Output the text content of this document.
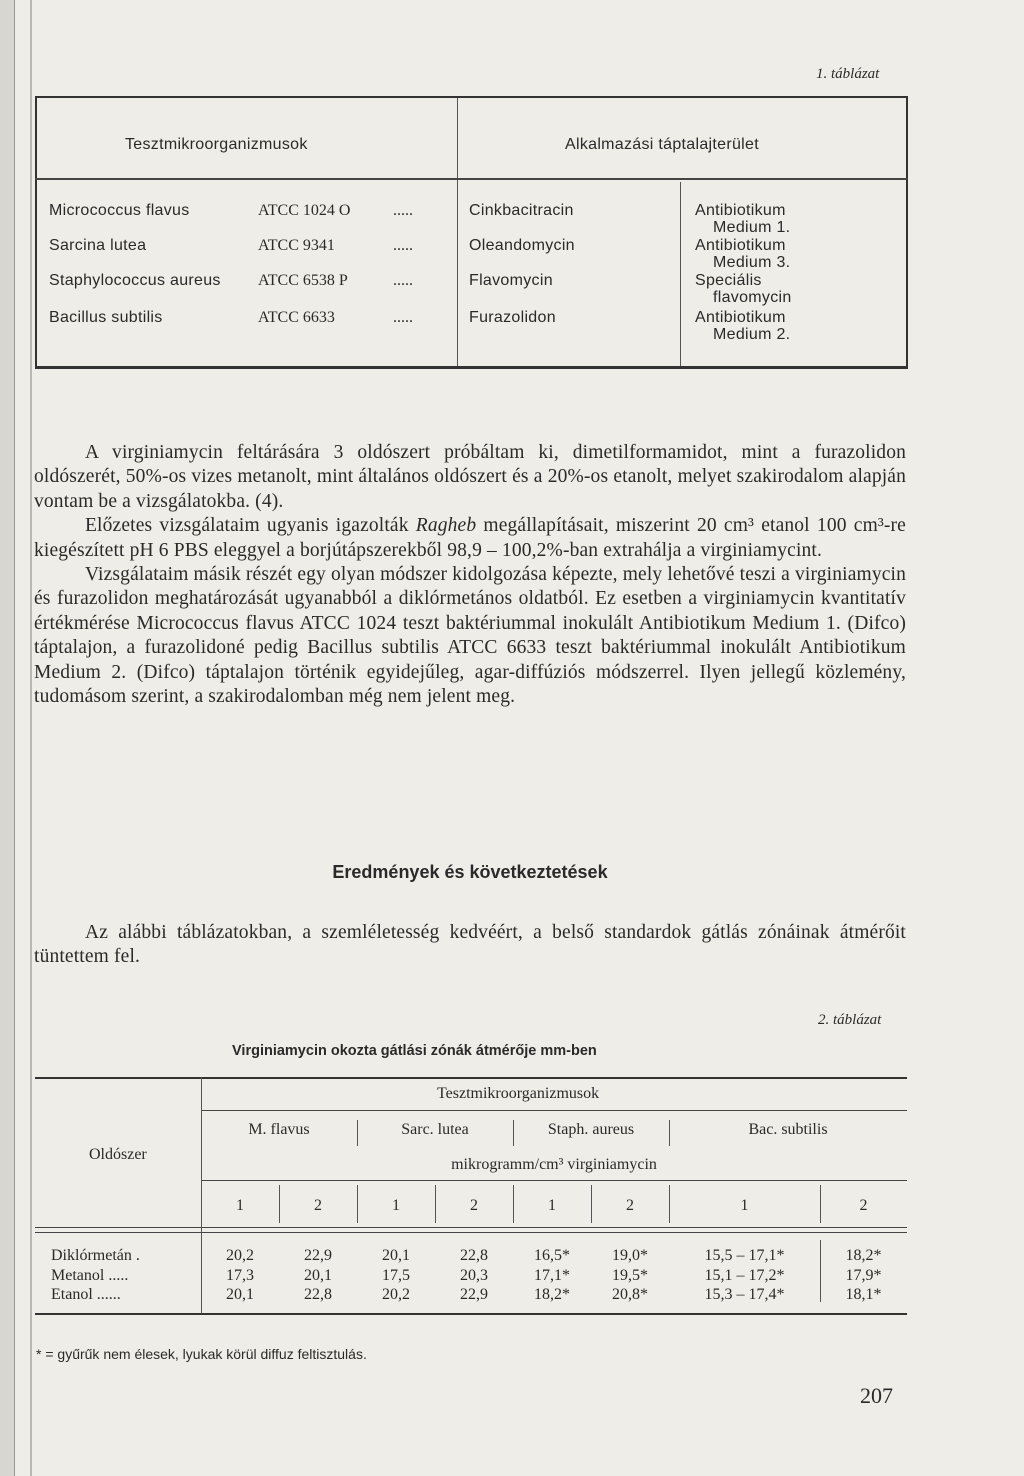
1. táblázat
Tesztmikroorganizmusok	Alkalmazási táptalajterület
Micrococcus flavus	ATCC 1024 O	.....	Cinkbacitracin	Antibiotikum
Medium 1.
Sarcina lutea	ATCC 9341	.....	Oleandomycin	Antibiotikum
Medium 3.
Staphylococcus aureus ATCC 6538 P	.....	Flavomycin	Speciális
flavomycin
Bacillus subtilis	ATCC 6633	.....	Furazolidon	Antibiotikum
Medium 2.

A virginiamycin feltárására 3 oldószert próbáltam ki, dimetilformamidot, mint a furazolidon oldószerét, 50%-os vizes metanolt, mint általános oldószert és a 20%-os etanolt, melyet szakirodalom alapján vontam be a vizsgálatokba. (4).

Előzetes vizsgálataim ugyanis igazolták Ragheb megállapításait, miszerint 20 cm³ etanol 100 cm³-re kiegészített pH 6 PBS eleggyel a borjútápszerekből 98,9 – 100,2%-ban extrahálja a virginiamycint.

Vizsgálataim másik részét egy olyan módszer kidolgozása képezte, mely lehetővé teszi a virginiamycin és furazolidon meghatározását ugyanabból a diklórmetános oldatból. Ez esetben a virginiamycin kvantitatív értékmérése Micrococcus flavus ATCC 1024 teszt baktériummal inokulált Antibiotikum Medium 1. (Difco) táptalajon, a furazolidoné pedig Bacillus subtilis ATCC 6633 teszt baktériummal inokulált Antibiotikum Medium 2. (Difco) táptalajon történik egyidejűleg, agar-diffúziós módszerrel. Ilyen jellegű közlemény, tudomásom szerint, a szakirodalomban még nem jelent meg.

Eredmények és következtetések

Az alábbi táblázatokban, a szemléletesség kedvéért, a belső standardok gátlás zónáinak átmérőit tüntettem fel.

2. táblázat
Virginiamycin okozta gátlási zónák átmérője mm-ben
Oldószer
Tesztmikroorganizmusok
M. flavus	Sarc. lutea	Staph. aureus	Bac. subtilis
mikrogramm/cm³ virginiamycin
1	2	1	2	1	2	1	2
Diklórmetán .	20,2	22,9	20,1	22,8	16,5*	19,0*	15,5 – 17,1*	18,2*
Metanol .....	17,3	20,1	17,5	20,3	17,1*	19,5*	15,1 – 17,2*	17,9*
Etanol ......	20,1	22,8	20,2	22,9	18,2*	20,8*	15,3 – 17,4*	18,1*
* = gyűrűk nem élesek, lyukak körül diffuz feltisztulás.
207
